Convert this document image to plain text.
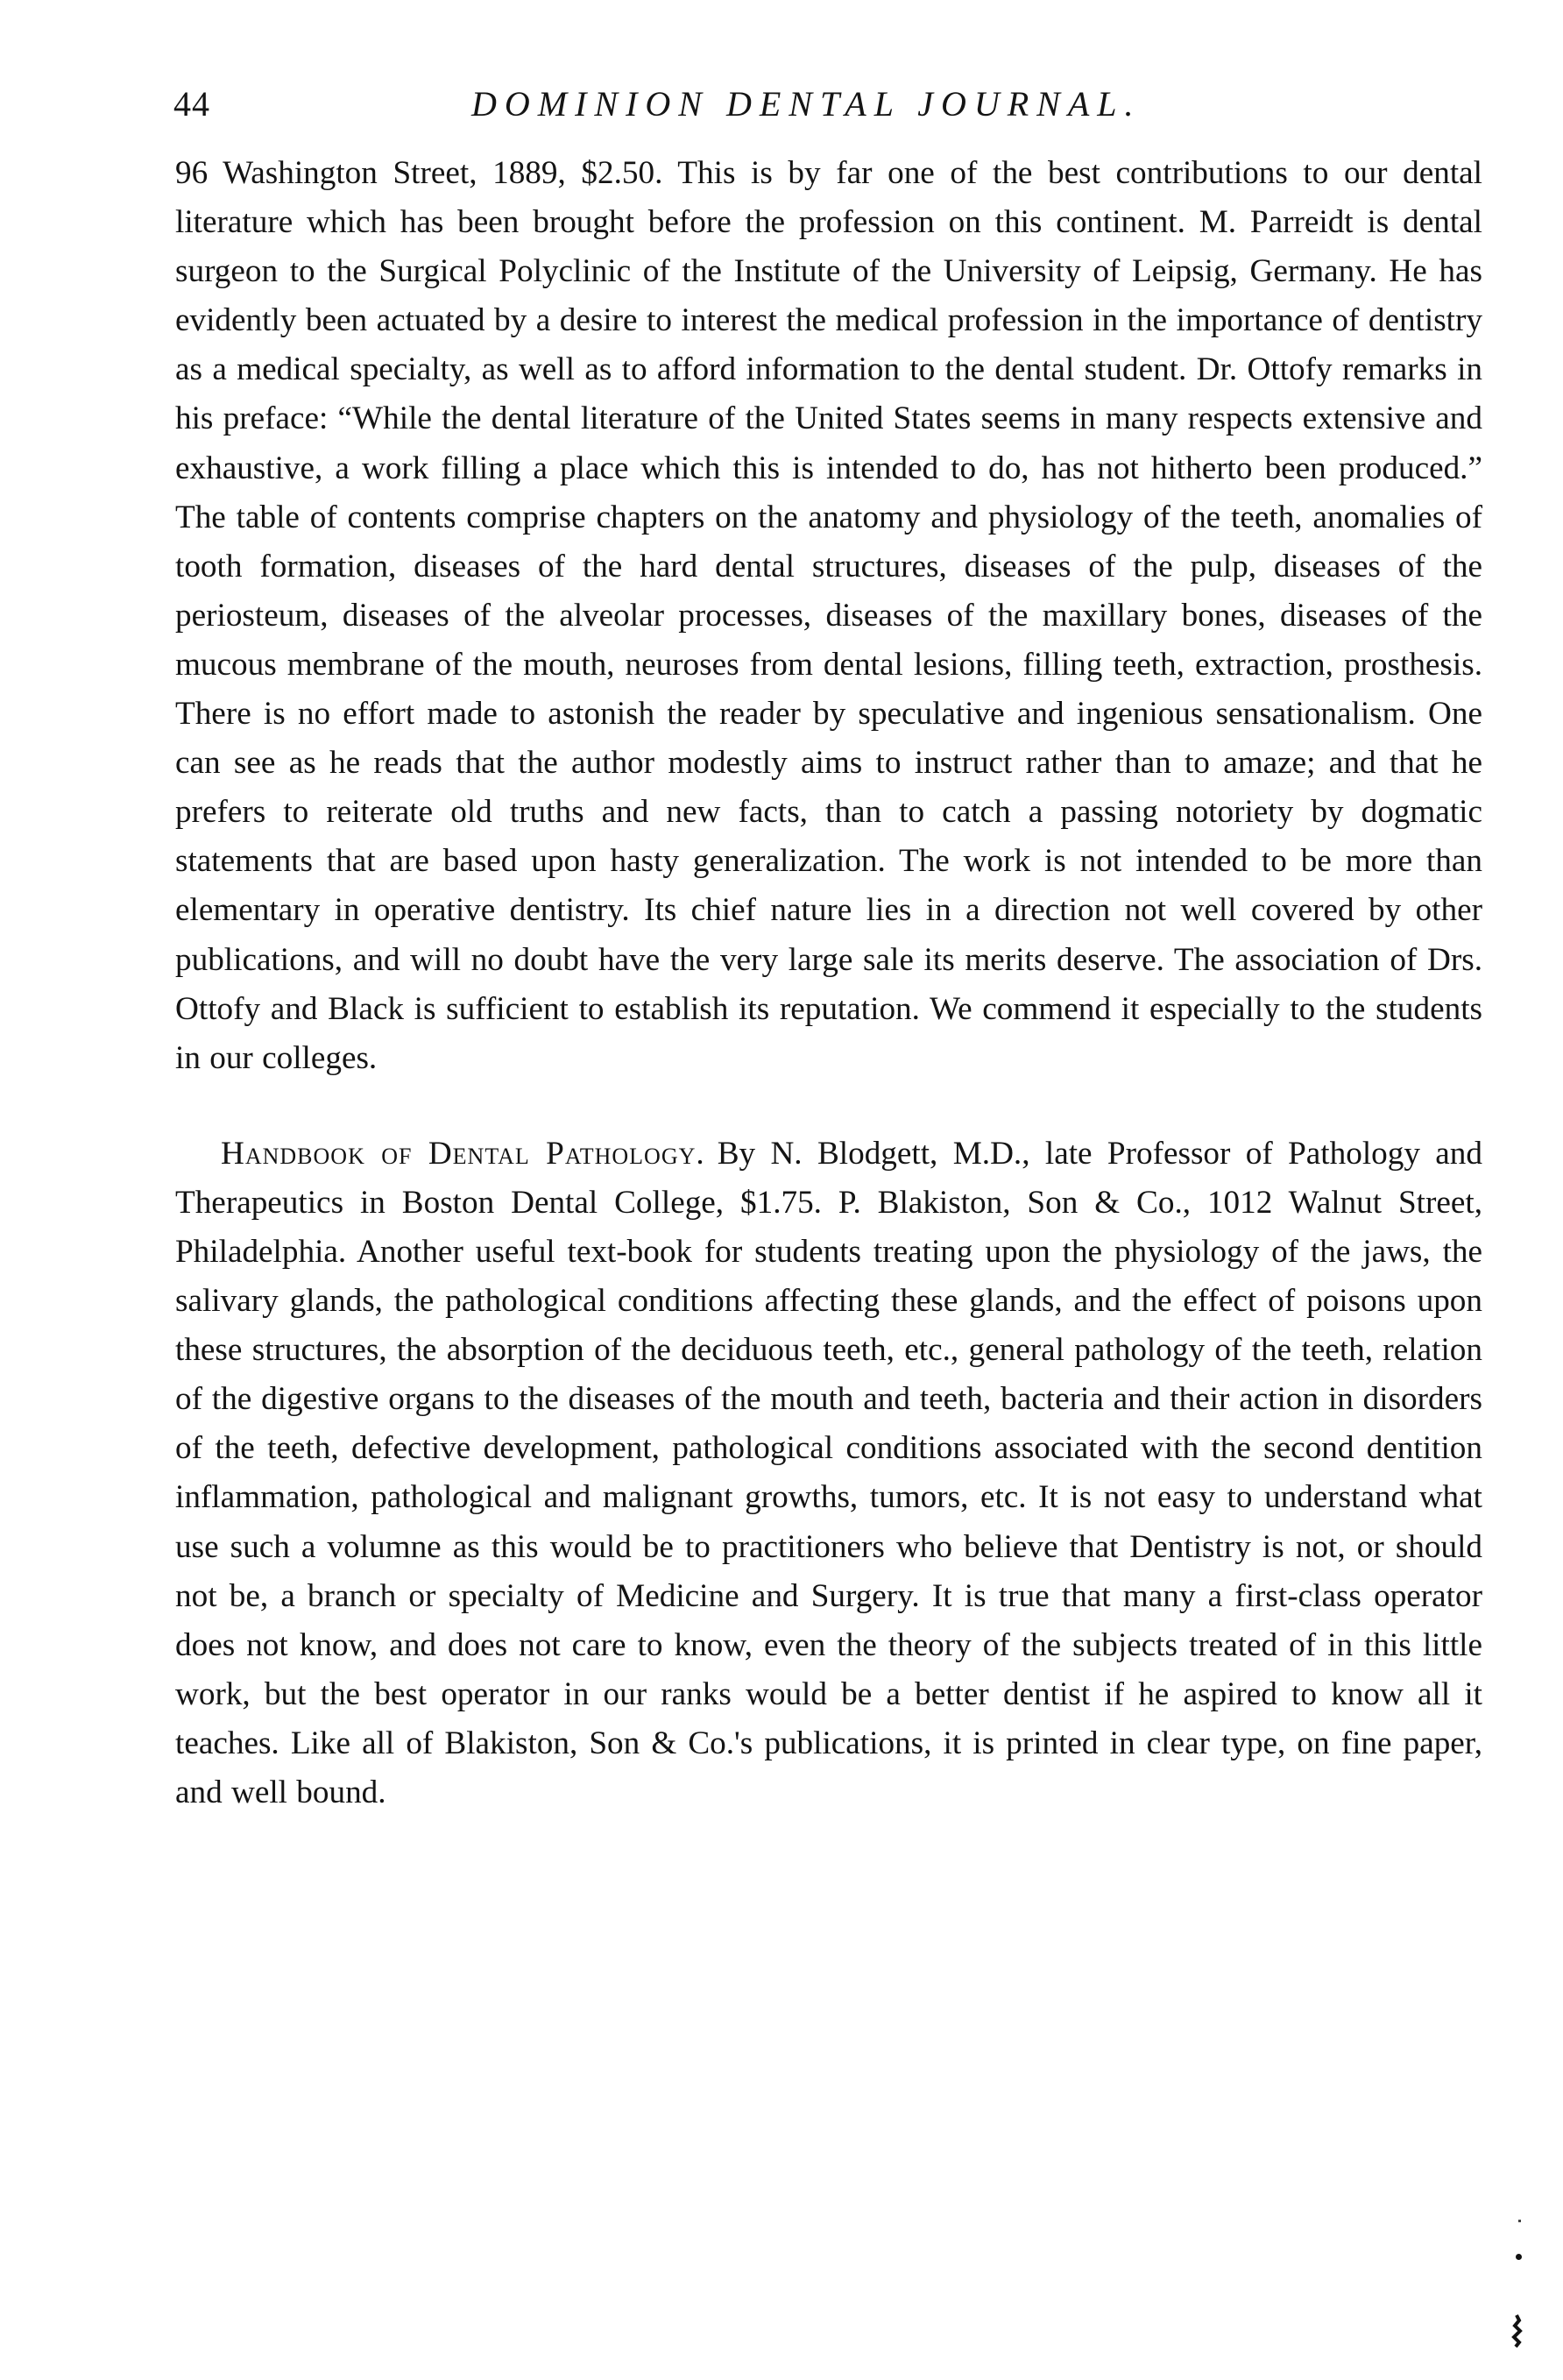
44	DOMINION DENTAL JOURNAL.

96 Washington Street, 1889, $2.50. This is by far one of the best contributions to our dental literature which has been brought before the profession on this continent. M. Parreidt is dental surgeon to the Surgical Polyclinic of the Institute of the University of Leipsig, Germany. He has evidently been actuated by a desire to interest the medical profession in the importance of dentistry as a medical specialty, as well as to afford information to the dental student. Dr. Ottofy remarks in his preface: “While the dental literature of the United States seems in many respects extensive and exhaustive, a work filling a place which this is intended to do, has not hitherto been produced.” The table of contents comprise chapters on the anatomy and physiology of the teeth, anomalies of tooth formation, diseases of the hard dental structures, diseases of the pulp, diseases of the periosteum, diseases of the alveolar processes, diseases of the maxillary bones, diseases of the mucous membrane of the mouth, neuroses from dental lesions, filling teeth, extraction, prosthesis. There is no effort made to astonish the reader by speculative and ingenious sensationalism. One can see as he reads that the author modestly aims to instruct rather than to amaze; and that he prefers to reiterate old truths and new facts, than to catch a passing notoriety by dogmatic statements that are based upon hasty generalization. The work is not intended to be more than elementary in operative dentistry. Its chief nature lies in a direction not well covered by other publications, and will no doubt have the very large sale its merits deserve. The association of Drs. Ottofy and Black is sufficient to establish its reputation. We commend it especially to the students in our colleges.

Handbook of Dental Pathology. By N. Blodgett, M.D., late Professor of Pathology and Therapeutics in Boston Dental College, $1.75. P. Blakiston, Son & Co., 1012 Walnut Street, Philadelphia. Another useful text-book for students treating upon the physiology of the jaws, the salivary glands, the pathological conditions affecting these glands, and the effect of poisons upon these structures, the absorption of the deciduous teeth, etc., general pathology of the teeth, relation of the digestive organs to the diseases of the mouth and teeth, bacteria and their action in disorders of the teeth, defective development, pathological conditions associated with the second dentition inflammation, pathological and malignant growths, tumors, etc. It is not easy to understand what use such a volumne as this would be to practitioners who believe that Dentistry is not, or should not be, a branch or specialty of Medicine and Surgery. It is true that many a first-class operator does not know, and does not care to know, even the theory of the subjects treated of in this little work, but the best operator in our ranks would be a better dentist if he aspired to know all it teaches. Like all of Blakiston, Son & Co.'s publications, it is printed in clear type, on fine paper, and well bound.
